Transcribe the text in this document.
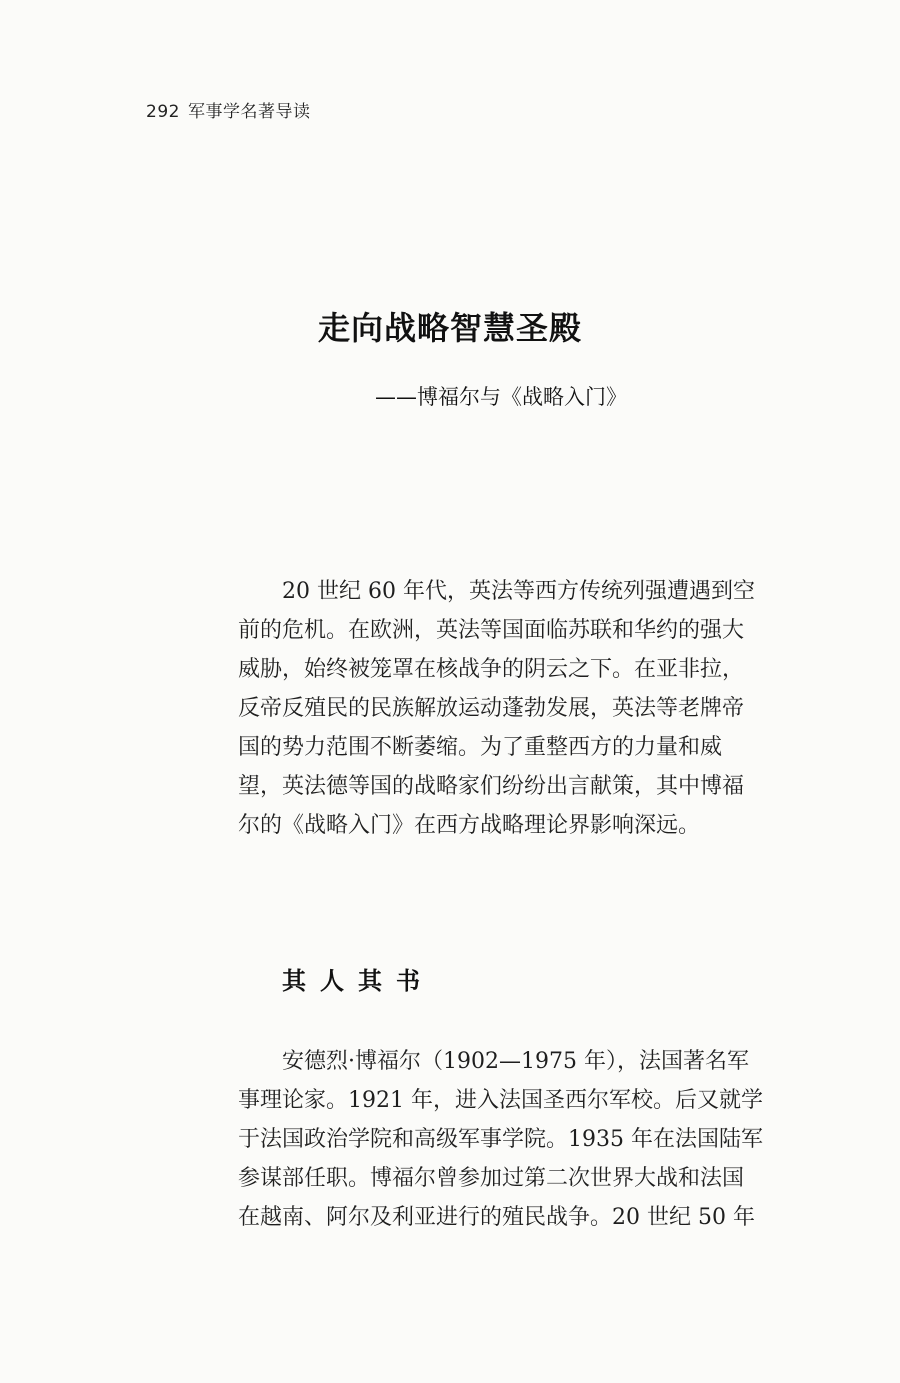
292 军事学名著导读
走向战略智慧圣殿
——博福尔与《战略入门》

20 世纪 60 年代，英法等西方传统列强遭遇到空
前的危机。在欧洲，英法等国面临苏联和华约的强大
威胁，始终被笼罩在核战争的阴云之下。在亚非拉，
反帝反殖民的民族解放运动蓬勃发展，英法等老牌帝
国的势力范围不断萎缩。为了重整西方的力量和威
望，英法德等国的战略家们纷纷出言献策，其中博福
尔的《战略入门》在西方战略理论界影响深远。

其人其书

安德烈·博福尔（1902—1975 年），法国著名军
事理论家。1921 年，进入法国圣西尔军校。后又就学
于法国政治学院和高级军事学院。1935 年在法国陆军
参谋部任职。博福尔曾参加过第二次世界大战和法国
在越南、阿尔及利亚进行的殖民战争。20 世纪 50 年
